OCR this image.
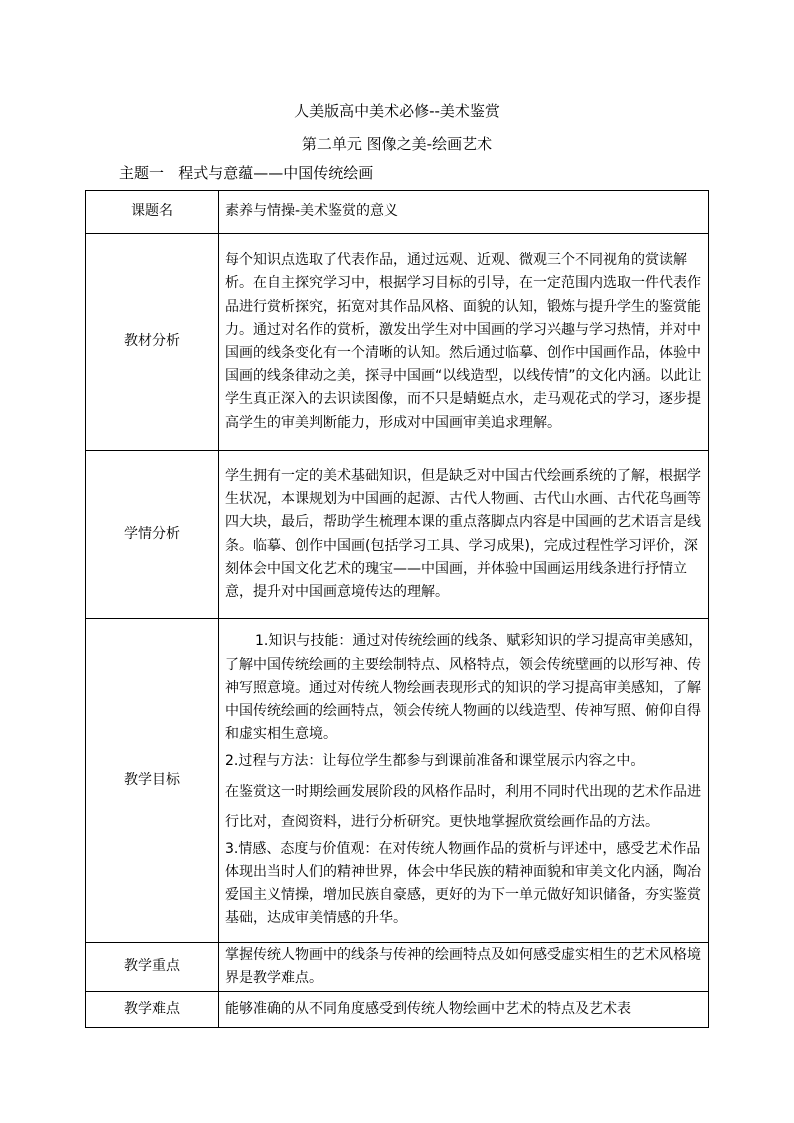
人美版高中美术必修--美术鉴赏
第二单元 图像之美-绘画艺术
主题一   程式与意蕴——中国传统绘画
课题名	素养与情操-美术鉴赏的意义
教材分析	每个知识点选取了代表作品，通过远观、近观、微观三个不同视角的赏读解析。在自主探究学习中，根据学习目标的引导，在一定范围内选取一件代表作品进行赏析探究，拓宽对其作品风格、面貌的认知，锻炼与提升学生的鉴赏能力。通过对名作的赏析，激发出学生对中国画的学习兴趣与学习热情，并对中国画的线条变化有一个清晰的认知。然后通过临摹、创作中国画作品，体验中国画的线条律动之美，探寻中国画“以线造型，以线传情”的文化内涵。以此让学生真正深入的去识读图像，而不只是蜻蜓点水，走马观花式的学习，逐步提高学生的审美判断能力，形成对中国画审美追求理解。
学情分析	学生拥有一定的美术基础知识，但是缺乏对中国古代绘画系统的了解，根据学生状况，本课规划为中国画的起源、古代人物画、古代山水画、古代花鸟画等四大块，最后，帮助学生梳理本课的重点落脚点内容是中国画的艺术语言是线条。临摹、创作中国画(包括学习工具、学习成果)，完成过程性学习评价，深刻体会中国文化艺术的瑰宝——中国画，并体验中国画运用线条进行抒情立意，提升对中国画意境传达的理解。
教学目标	1.知识与技能：通过对传统绘画的线条、赋彩知识的学习提高审美感知，了解中国传统绘画的主要绘制特点、风格特点，领会传统壁画的以形写神、传神写照意境。通过对传统人物绘画表现形式的知识的学习提高审美感知，了解中国传统绘画的绘画特点，领会传统人物画的以线造型、传神写照、俯仰自得和虚实相生意境。

2.过程与方法：让每位学生都参与到课前准备和课堂展示内容之中。

在鉴赏这一时期绘画发展阶段的风格作品时，利用不同时代出现的艺术作品进行比对，查阅资料，进行分析研究。更快地掌握欣赏绘画作品的方法。

3.情感、态度与价值观：在对传统人物画作品的赏析与评述中，感受艺术作品体现出当时人们的精神世界，体会中华民族的精神面貌和审美文化内涵，陶冶爱国主义情操，增加民族自豪感，更好的为下一单元做好知识储备，夯实鉴赏基础，达成审美情感的升华。

教学重点	掌握传统人物画中的线条与传神的绘画特点及如何感受虚实相生的艺术风格境界是教学难点。
教学难点	能够准确的从不同角度感受到传统人物绘画中艺术的特点及艺术表
